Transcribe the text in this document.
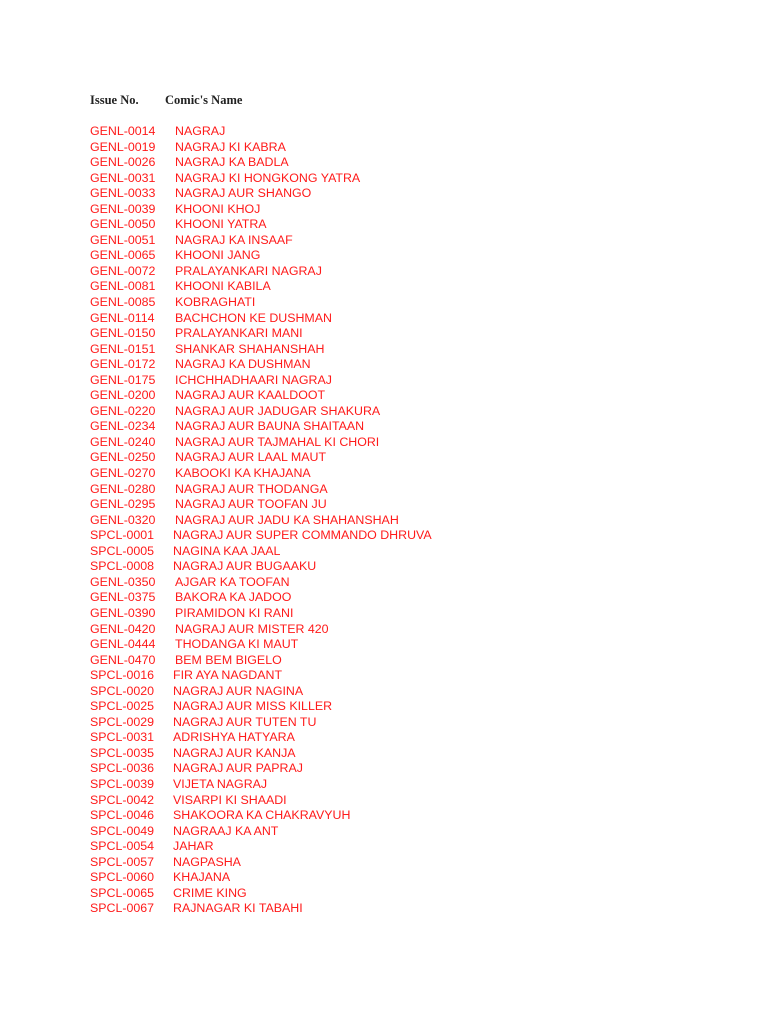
Issue No. Comic's Name
GENL-0014 NAGRAJ
GENL-0019 NAGRAJ KI KABRA
GENL-0026 NAGRAJ KA BADLA
GENL-0031 NAGRAJ KI HONGKONG YATRA
GENL-0033 NAGRAJ AUR SHANGO
GENL-0039 KHOONI KHOJ
GENL-0050 KHOONI YATRA
GENL-0051 NAGRAJ KA INSAAF
GENL-0065 KHOONI JANG
GENL-0072 PRALAYANKARI NAGRAJ
GENL-0081 KHOONI KABILA
GENL-0085 KOBRAGHATI
GENL-0114 BACHCHON KE DUSHMAN
GENL-0150 PRALAYANKARI MANI
GENL-0151 SHANKAR SHAHANSHAH
GENL-0172 NAGRAJ KA DUSHMAN
GENL-0175 ICHCHHADHAARI NAGRAJ
GENL-0200 NAGRAJ AUR KAALDOOT
GENL-0220 NAGRAJ AUR JADUGAR SHAKURA
GENL-0234 NAGRAJ AUR BAUNA SHAITAAN
GENL-0240 NAGRAJ AUR TAJMAHAL KI CHORI
GENL-0250 NAGRAJ AUR LAAL MAUT
GENL-0270 KABOOKI KA KHAJANA
GENL-0280 NAGRAJ AUR THODANGA
GENL-0295 NAGRAJ AUR TOOFAN JU
GENL-0320 NAGRAJ AUR JADU KA SHAHANSHAH
SPCL-0001 NAGRAJ AUR SUPER COMMANDO DHRUVA
SPCL-0005 NAGINA KAA JAAL
SPCL-0008 NAGRAJ AUR BUGAAKU
GENL-0350 AJGAR KA TOOFAN
GENL-0375 BAKORA KA JADOO
GENL-0390 PIRAMIDON KI RANI
GENL-0420 NAGRAJ AUR MISTER 420
GENL-0444 THODANGA KI MAUT
GENL-0470 BEM BEM BIGELO
SPCL-0016 FIR AYA NAGDANT
SPCL-0020 NAGRAJ AUR NAGINA
SPCL-0025 NAGRAJ AUR MISS KILLER
SPCL-0029 NAGRAJ AUR TUTEN TU
SPCL-0031 ADRISHYA HATYARA
SPCL-0035 NAGRAJ AUR KANJA
SPCL-0036 NAGRAJ AUR PAPRAJ
SPCL-0039 VIJETA NAGRAJ
SPCL-0042 VISARPI KI SHAADI
SPCL-0046 SHAKOORA KA CHAKRAVYUH
SPCL-0049 NAGRAAJ KA ANT
SPCL-0054 JAHAR
SPCL-0057 NAGPASHA
SPCL-0060 KHAJANA
SPCL-0065 CRIME KING
SPCL-0067 RAJNAGAR KI TABAHI
